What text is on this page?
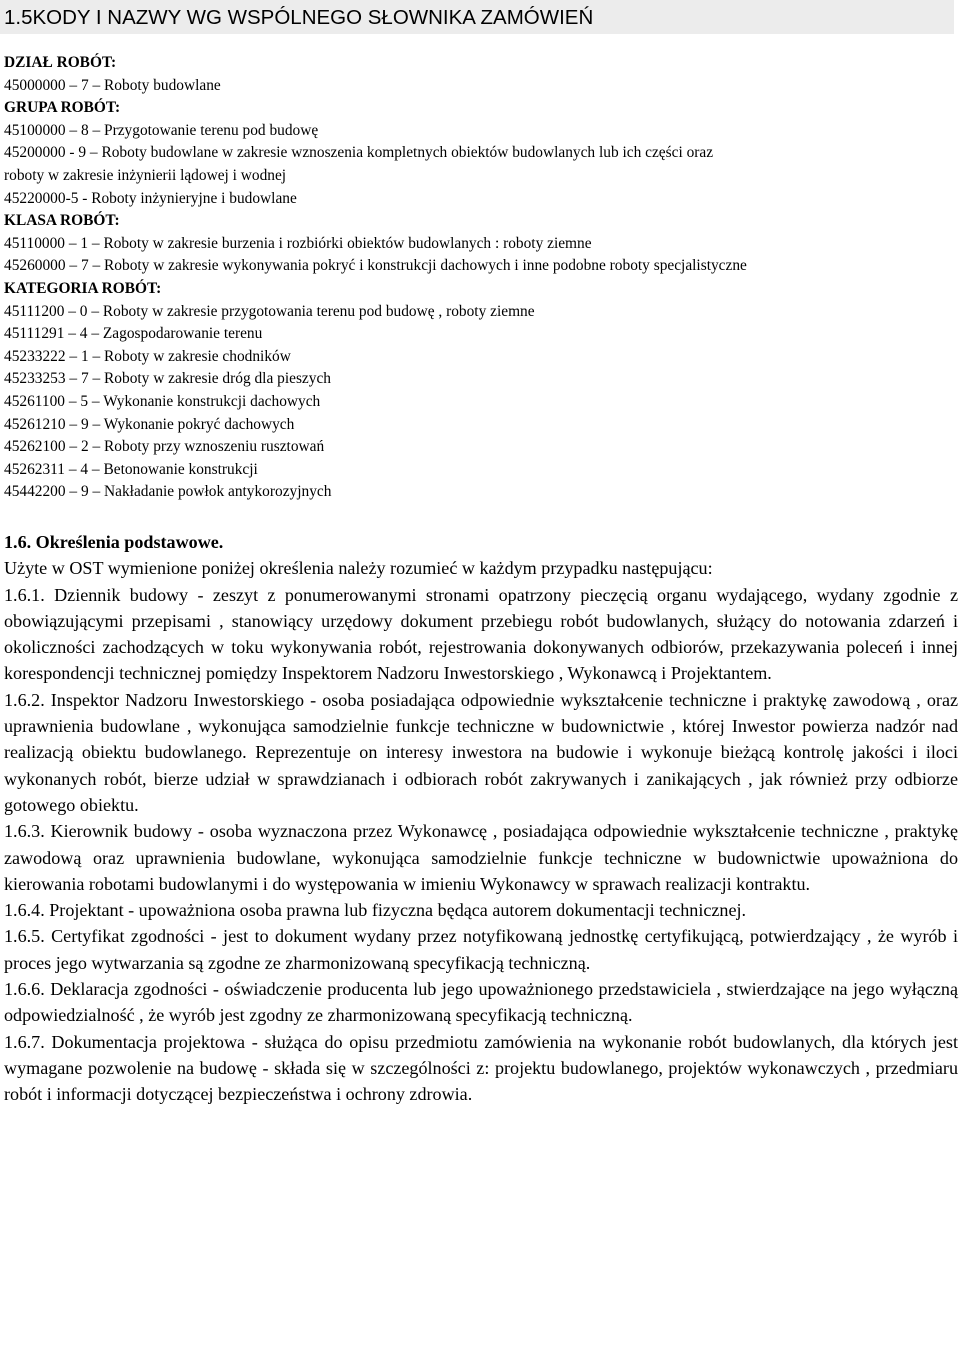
1.5KODY I NAZWY WG WSPÓLNEGO SŁOWNIKA ZAMÓWIEŃ
DZIAŁ ROBÓT:
45000000 – 7 – Roboty budowlane
GRUPA ROBÓT:
45100000 – 8 – Przygotowanie terenu pod budowę
45200000 - 9 – Roboty budowlane w zakresie wznoszenia kompletnych obiektów budowlanych lub ich części oraz
roboty w zakresie inżynierii lądowej i wodnej
45220000-5 - Roboty inżynieryjne i budowlane
KLASA ROBÓT:
45110000 – 1 – Roboty w zakresie burzenia i rozbiórki obiektów budowlanych : roboty ziemne
45260000 – 7 – Roboty w zakresie wykonywania pokryć i konstrukcji dachowych i inne podobne roboty specjalistyczne
KATEGORIA ROBÓT:
45111200 – 0 – Roboty w zakresie przygotowania terenu pod budowę , roboty ziemne
45111291 – 4 – Zagospodarowanie terenu
45233222 – 1 – Roboty w zakresie chodników
45233253 – 7 – Roboty w zakresie dróg dla pieszych
45261100 – 5 – Wykonanie konstrukcji dachowych
45261210 – 9 – Wykonanie pokryć dachowych
45262100 – 2 – Roboty przy wznoszeniu rusztowań
45262311 – 4 – Betonowanie konstrukcji
45442200 – 9 – Nakładanie powłok antykorozyjnych

1.6. Określenia podstawowe.

Użyte w OST wymienione poniżej określenia należy rozumieć w każdym przypadku następującu:

1.6.1. Dziennik budowy - zeszyt z ponumerowanymi stronami opatrzony pieczęcią organu wydającego, wydany zgodnie z obowiązującymi przepisami , stanowiący urzędowy dokument przebiegu robót budowlanych, służący do notowania zdarzeń i okoliczności zachodzących w toku wykonywania robót, rejestrowania dokonywanych odbiorów, przekazywania poleceń i innej korespondencji technicznej pomiędzy Inspektorem Nadzoru Inwestorskiego , Wykonawcą i Projektantem.

1.6.2. Inspektor Nadzoru Inwestorskiego - osoba posiadająca odpowiednie wykształcenie techniczne i praktykę zawodową , oraz uprawnienia budowlane , wykonująca samodzielnie funkcje techniczne w budownictwie , której Inwestor powierza nadzór nad realizacją obiektu budowlanego. Reprezentuje on interesy inwestora na budowie i wykonuje bieżącą kontrolę jakości i iloci wykonanych robót, bierze udział w sprawdzianach i odbiorach robót zakrywanych i zanikających , jak również przy odbiorze gotowego obiektu.

1.6.3. Kierownik budowy - osoba wyznaczona przez Wykonawcę , posiadająca odpowiednie wykształcenie techniczne , praktykę zawodową oraz uprawnienia budowlane, wykonująca samodzielnie funkcje techniczne w budownictwie upoważniona do kierowania robotami budowlanymi i do występowania w imieniu Wykonawcy w sprawach realizacji kontraktu.

1.6.4. Projektant - upoważniona osoba prawna lub fizyczna będąca autorem dokumentacji technicznej.

1.6.5. Certyfikat zgodności - jest to dokument wydany przez notyfikowaną jednostkę certyfikującą, potwierdzający , że wyrób i proces jego wytwarzania są zgodne ze zharmonizowaną specyfikacją techniczną.

1.6.6. Deklaracja zgodności - oświadczenie producenta lub jego upoważnionego przedstawiciela , stwierdzające na jego wyłączną odpowiedzialność , że wyrób jest zgodny ze zharmonizowaną specyfikacją techniczną.

1.6.7. Dokumentacja projektowa - służąca do opisu przedmiotu zamówienia na wykonanie robót budowlanych, dla których jest wymagane pozwolenie na budowę - składa się w szczególności z: projektu budowlanego, projektów wykonawczych , przedmiaru robót i informacji dotyczącej bezpieczeństwa i ochrony zdrowia.
